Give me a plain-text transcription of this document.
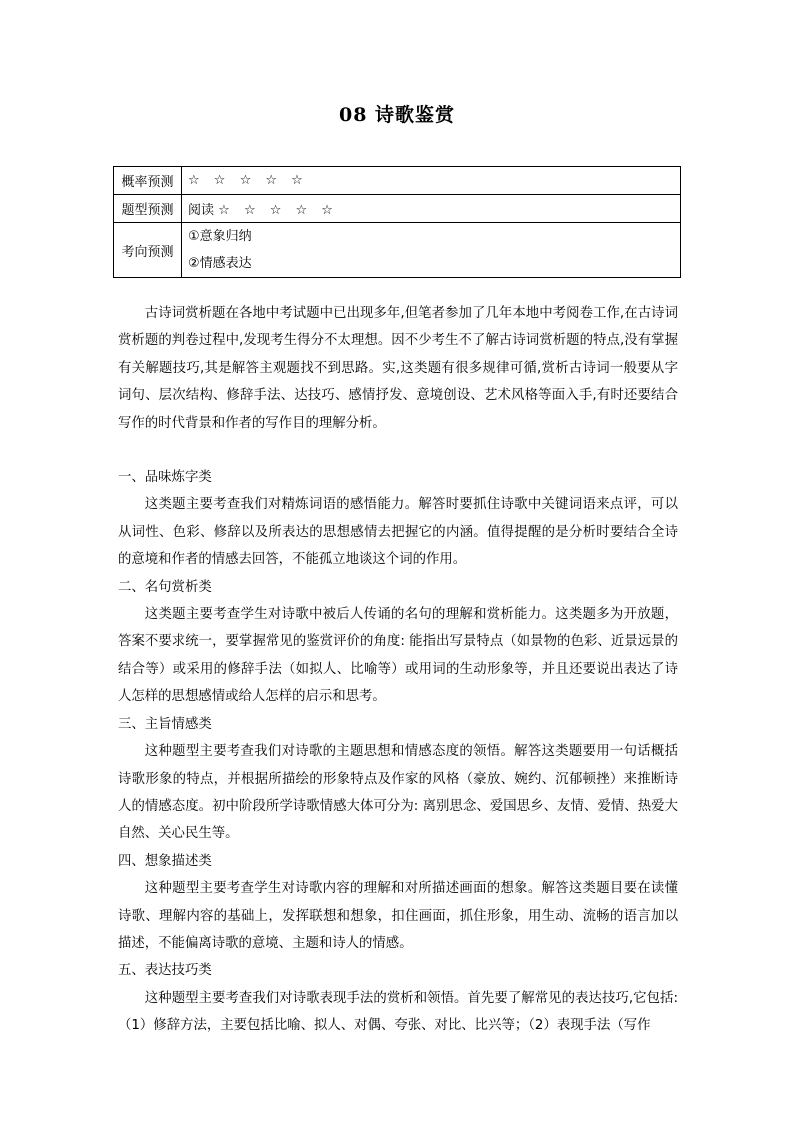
08 诗歌鉴赏
概率预测	☆ ☆ ☆ ☆ ☆
题型预测	阅读 ☆ ☆ ☆ ☆ ☆
考向预测	①意象归纳
②情感表达

古诗词赏析题在各地中考试题中已出现多年,但笔者参加了几年本地中考阅卷工作,在古诗词赏析题的判卷过程中,发现考生得分不太理想。因不少考生不了解古诗词赏析题的特点,没有掌握有关解题技巧,其是解答主观题找不到思路。实,这类题有很多规律可循,赏析古诗词一般要从字词句、层次结构、修辞手法、达技巧、感情抒发、意境创设、艺术风格等面入手,有时还要结合写作的时代背景和作者的写作目的理解分析。

一、品味炼字类

这类题主要考查我们对精炼词语的感悟能力。解答时要抓住诗歌中关键词语来点评，可以从词性、色彩、修辞以及所表达的思想感情去把握它的内涵。值得提醒的是分析时要结合全诗的意境和作者的情感去回答，不能孤立地谈这个词的作用。

二、名句赏析类

这类题主要考查学生对诗歌中被后人传诵的名句的理解和赏析能力。这类题多为开放题，答案不要求统一，要掌握常见的鉴赏评价的角度: 能指出写景特点（如景物的色彩、近景远景的结合等）或采用的修辞手法（如拟人、比喻等）或用词的生动形象等，并且还要说出表达了诗人怎样的思想感情或给人怎样的启示和思考。

三、主旨情感类

这种题型主要考查我们对诗歌的主题思想和情感态度的领悟。解答这类题要用一句话概括诗歌形象的特点，并根据所描绘的形象特点及作家的风格（豪放、婉约、沉郁顿挫）来推断诗人的情感态度。初中阶段所学诗歌情感大体可分为: 离别思念、爱国思乡、友情、爱情、热爱大自然、关心民生等。

四、想象描述类

这种题型主要考查学生对诗歌内容的理解和对所描述画面的想象。解答这类题目要在读懂诗歌、理解内容的基础上，发挥联想和想象，扣住画面，抓住形象，用生动、流畅的语言加以描述，不能偏离诗歌的意境、主题和诗人的情感。

五、表达技巧类

这种题型主要考查我们对诗歌表现手法的赏析和领悟。首先要了解常见的表达技巧,它包括:（1）修辞方法，主要包括比喻、拟人、对偶、夸张、对比、比兴等；（2）表现手法（写作
